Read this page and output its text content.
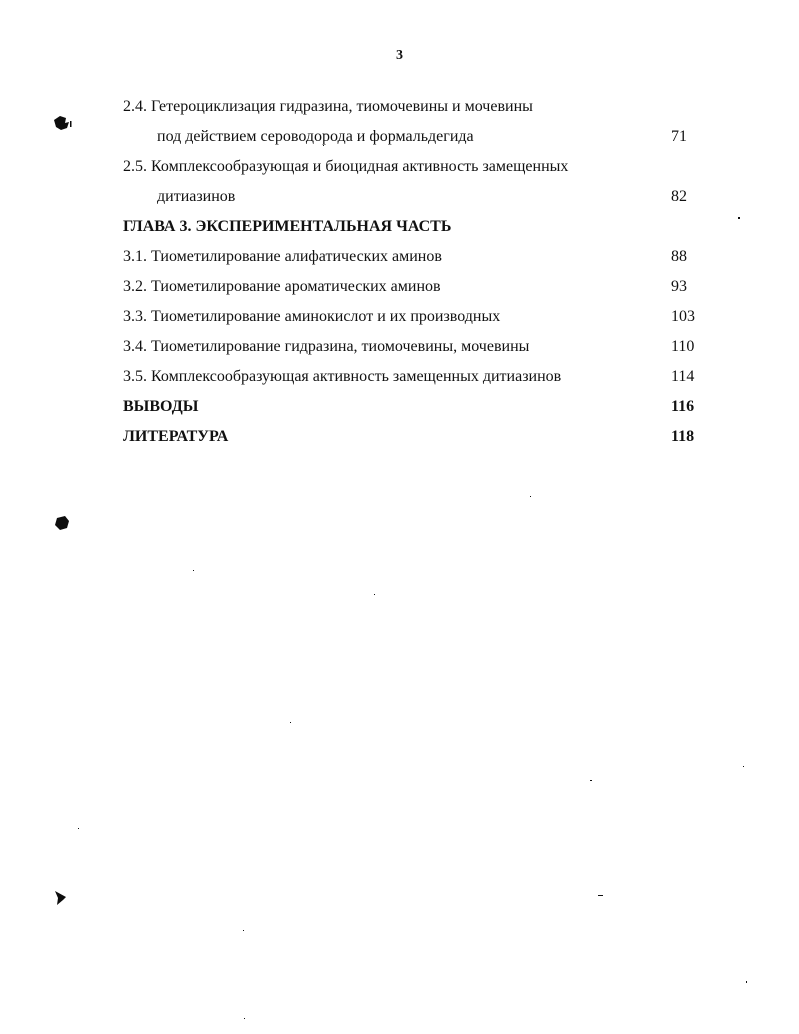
3
2.4. Гетероциклизация гидразина, тиомочевины и мочевины
под действием сероводорода и формальдегида	71
2.5. Комплексообразующая и биоцидная активность замещенных
дитиазинов	82
ГЛАВА 3. ЭКСПЕРИМЕНТАЛЬНАЯ ЧАСТЬ
3.1. Тиометилирование алифатических аминов	88
3.2. Тиометилирование ароматических аминов	93
3.3. Тиометилирование аминокислот и их производных	103
3.4. Тиометилирование гидразина, тиомочевины, мочевины	110
3.5. Комплексообразующая активность замещенных дитиазинов	114
ВЫВОДЫ	116
ЛИТЕРАТУРА	118
